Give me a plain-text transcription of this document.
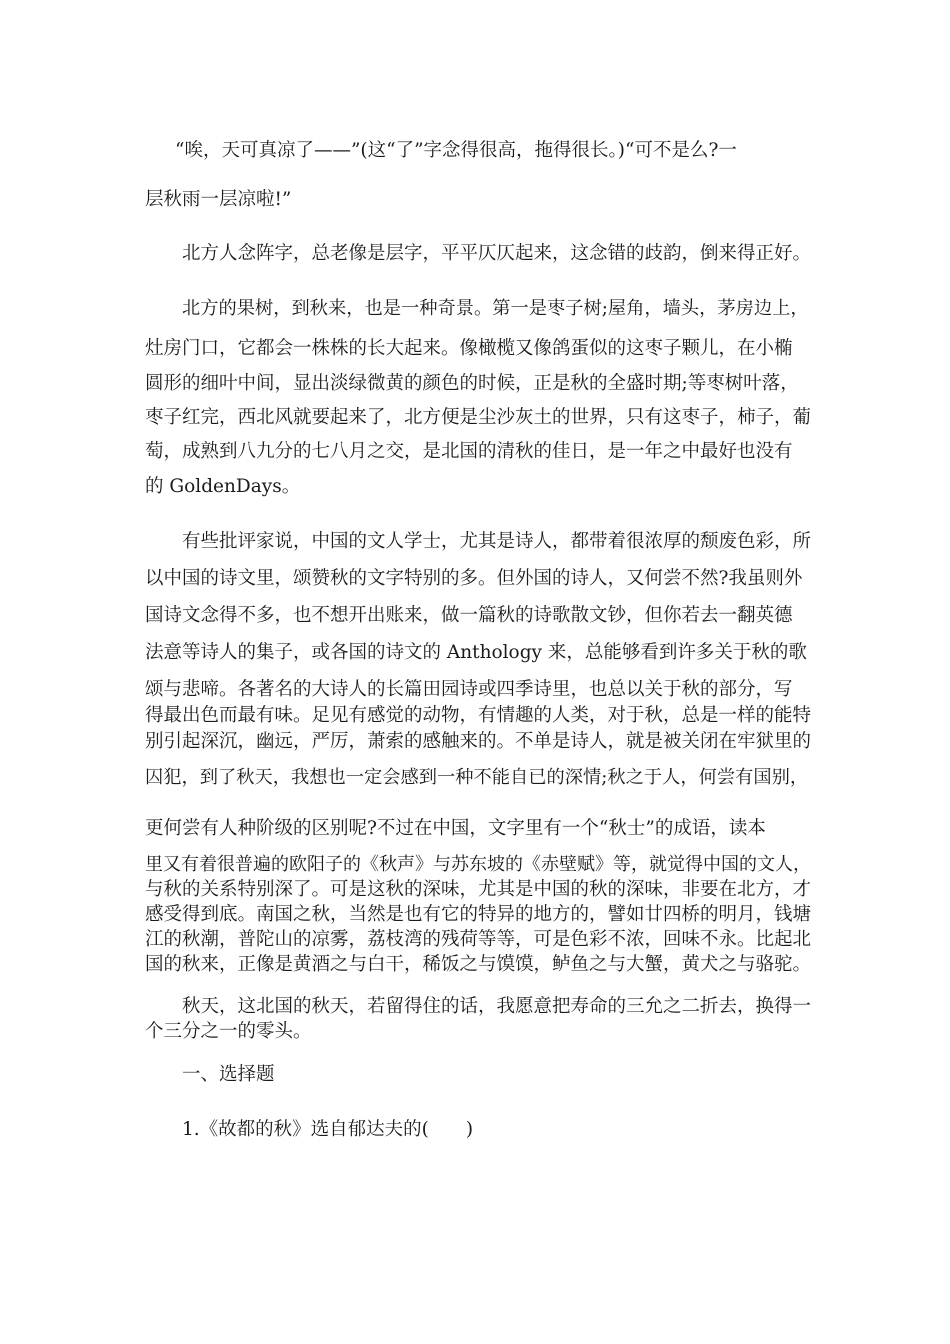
“唉，天可真凉了——”(这“了”字念得很高，拖得很长。)“可不是么?一
层秋雨一层凉啦!”
北方人念阵字，总老像是层字，平平仄仄起来，这念错的歧韵，倒来得正好。
北方的果树，到秋来，也是一种奇景。第一是枣子树;屋角，墙头，茅房边上，
灶房门口，它都会一株株的长大起来。像橄榄又像鸽蛋似的这枣子颗儿，在小椭
圆形的细叶中间，显出淡绿微黄的颜色的时候，正是秋的全盛时期;等枣树叶落，
枣子红完，西北风就要起来了，北方便是尘沙灰土的世界，只有这枣子，柿子，葡
萄，成熟到八九分的七八月之交，是北国的清秋的佳日，是一年之中最好也没有
的 GoldenDays。
有些批评家说，中国的文人学士，尤其是诗人，都带着很浓厚的颓废色彩，所
以中国的诗文里，颂赞秋的文字特别的多。但外国的诗人，又何尝不然?我虽则外
国诗文念得不多，也不想开出账来，做一篇秋的诗歌散文钞，但你若去一翻英德
法意等诗人的集子，或各国的诗文的 Anthology 来，总能够看到许多关于秋的歌
颂与悲啼。各著名的大诗人的长篇田园诗或四季诗里，也总以关于秋的部分，写
得最出色而最有味。足见有感觉的动物，有情趣的人类，对于秋，总是一样的能特
别引起深沉，幽远，严厉，萧索的感触来的。不单是诗人，就是被关闭在牢狱里的
囚犯，到了秋天，我想也一定会感到一种不能自已的深情;秋之于人，何尝有国别，
更何尝有人种阶级的区别呢?不过在中国，文字里有一个“秋士”的成语，读本
里又有着很普遍的欧阳子的《秋声》与苏东坡的《赤壁赋》等，就觉得中国的文人，
与秋的关系特别深了。可是这秋的深味，尤其是中国的秋的深味，非要在北方，才
感受得到底。南国之秋，当然是也有它的特异的地方的，譬如廿四桥的明月，钱塘
江的秋潮，普陀山的凉雾，荔枝湾的残荷等等，可是色彩不浓，回味不永。比起北
国的秋来，正像是黄酒之与白干，稀饭之与馍馍，鲈鱼之与大蟹，黄犬之与骆驼。
秋天，这北国的秋天，若留得住的话，我愿意把寿命的三允之二折去，换得一
个三分之一的零头。
一、选择题
1.《故都的秋》选自郁达夫的(　　)
